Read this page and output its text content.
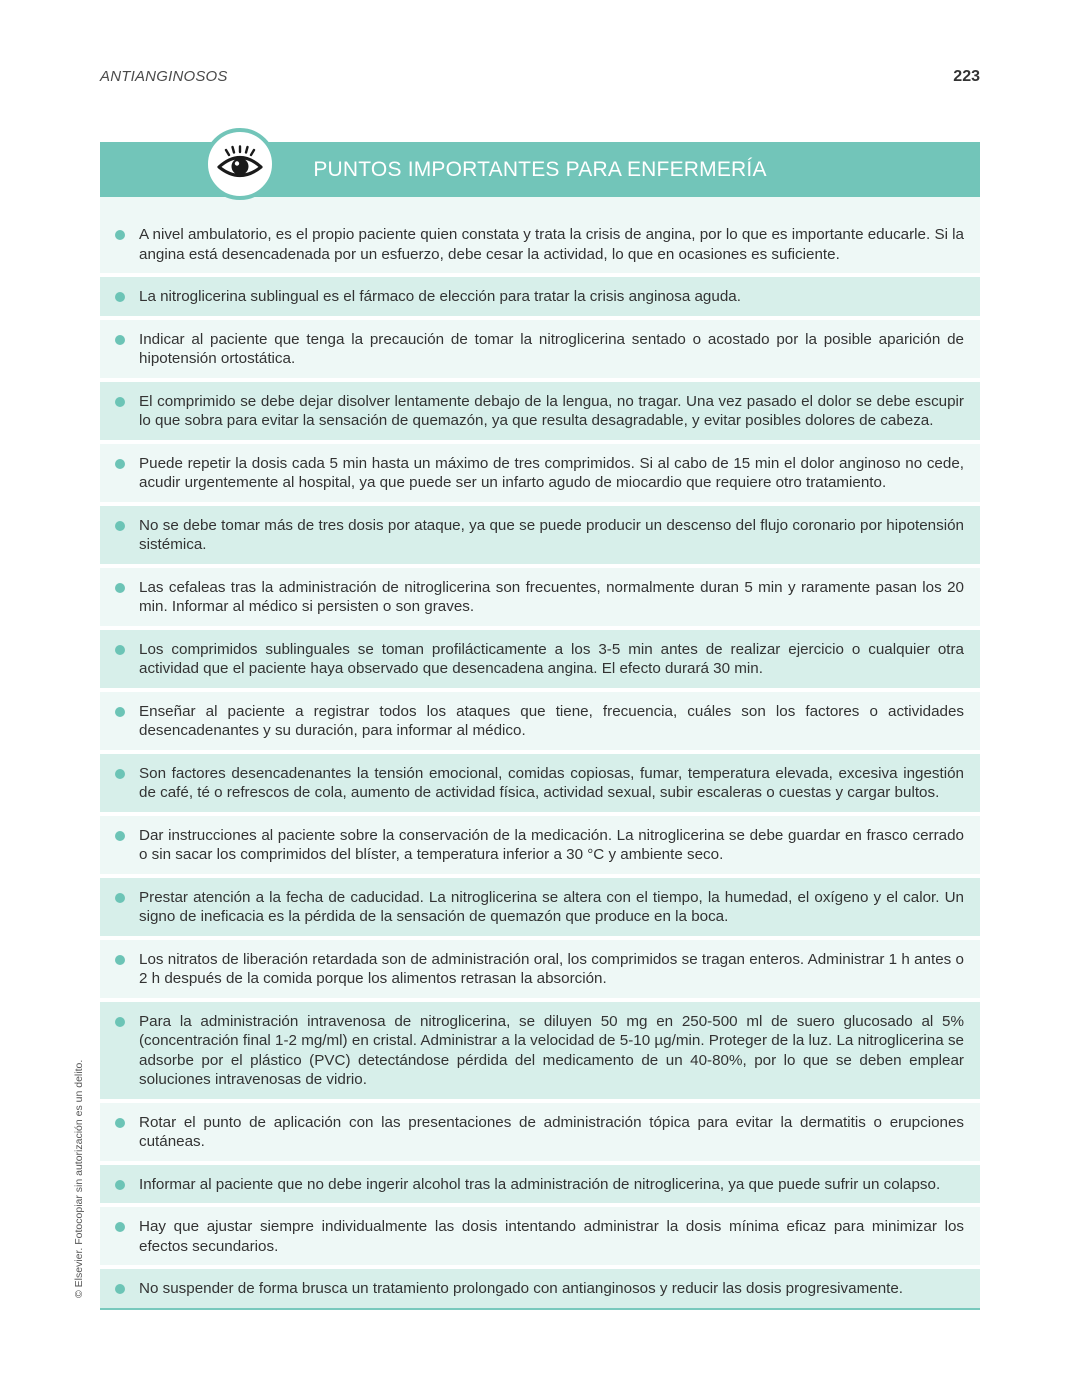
ANTIANGINOSOS	223
PUNTOS IMPORTANTES PARA ENFERMERÍA
A nivel ambulatorio, es el propio paciente quien constata y trata la crisis de angina, por lo que es importante educarle. Si la angina está desencadenada por un esfuerzo, debe cesar la actividad, lo que en ocasiones es suficiente.
La nitroglicerina sublingual es el fármaco de elección para tratar la crisis anginosa aguda.
Indicar al paciente que tenga la precaución de tomar la nitroglicerina sentado o acostado por la posible aparición de hipotensión ortostática.
El comprimido se debe dejar disolver lentamente debajo de la lengua, no tragar. Una vez pasado el dolor se debe escupir lo que sobra para evitar la sensación de quemazón, ya que resulta desagradable, y evitar posibles dolores de cabeza.
Puede repetir la dosis cada 5 min hasta un máximo de tres comprimidos. Si al cabo de 15 min el dolor anginoso no cede, acudir urgentemente al hospital, ya que puede ser un infarto agudo de miocardio que requiere otro tratamiento.
No se debe tomar más de tres dosis por ataque, ya que se puede producir un descenso del flujo coronario por hipotensión sistémica.
Las cefaleas tras la administración de nitroglicerina son frecuentes, normalmente duran 5 min y raramente pasan los 20 min. Informar al médico si persisten o son graves.
Los comprimidos sublinguales se toman profilácticamente a los 3-5 min antes de realizar ejercicio o cualquier otra actividad que el paciente haya observado que desencadena angina. El efecto durará 30 min.
Enseñar al paciente a registrar todos los ataques que tiene, frecuencia, cuáles son los factores o actividades desencadenantes y su duración, para informar al médico.
Son factores desencadenantes la tensión emocional, comidas copiosas, fumar, temperatura elevada, excesiva ingestión de café, té o refrescos de cola, aumento de actividad física, actividad sexual, subir escaleras o cuestas y cargar bultos.
Dar instrucciones al paciente sobre la conservación de la medicación. La nitroglicerina se debe guardar en frasco cerrado o sin sacar los comprimidos del blíster, a temperatura inferior a 30 °C y ambiente seco.
Prestar atención a la fecha de caducidad. La nitroglicerina se altera con el tiempo, la humedad, el oxígeno y el calor. Un signo de ineficacia es la pérdida de la sensación de quemazón que produce en la boca.
Los nitratos de liberación retardada son de administración oral, los comprimidos se tragan enteros. Administrar 1 h antes o 2 h después de la comida porque los alimentos retrasan la absorción.
Para la administración intravenosa de nitroglicerina, se diluyen 50 mg en 250-500 ml de suero glucosado al 5% (concentración final 1-2 mg/ml) en cristal. Administrar a la velocidad de 5-10 µg/min. Proteger de la luz. La nitroglicerina se adsorbe por el plástico (PVC) detectándose pérdida del medicamento de un 40-80%, por lo que se deben emplear soluciones intravenosas de vidrio.
Rotar el punto de aplicación con las presentaciones de administración tópica para evitar la dermatitis o erupciones cutáneas.
Informar al paciente que no debe ingerir alcohol tras la administración de nitroglicerina, ya que puede sufrir un colapso.
Hay que ajustar siempre individualmente las dosis intentando administrar la dosis mínima eficaz para minimizar los efectos secundarios.
No suspender de forma brusca un tratamiento prolongado con antianginosos y reducir las dosis progresivamente.
© Elsevier. Fotocopiar sin autorización es un delito.
